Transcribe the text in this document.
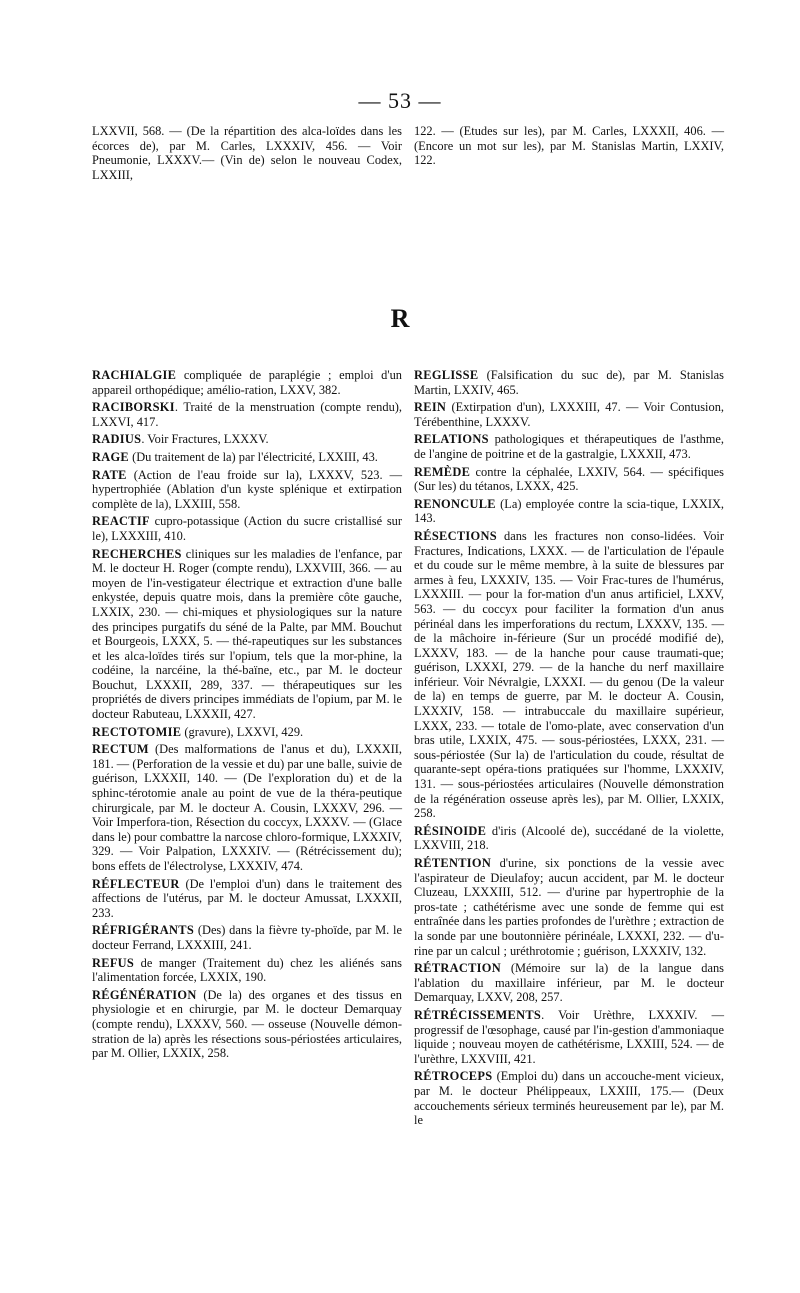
— 53 —
LXXVII, 568. — (De la répartition des alca-loïdes dans les écorces de), par M. Carles, LXXXIV, 456. — Voir Pneumonie, LXXXV.— (Vin de) selon le nouveau Codex, LXXIII,
122. — (Etudes sur les), par M. Carles, LXXXII, 406. — (Encore un mot sur les), par M. Stanislas Martin, LXXIV, 122.
R
RACHIALGIE compliquée de paraplégie ; emploi d'un appareil orthopédique; amélio-ration, LXXV, 382.
RACIBORSKI. Traité de la menstruation (compte rendu), LXXVI, 417.
RADIUS. Voir Fractures, LXXXV.
RAGE (Du traitement de la) par l'électricité, LXXIII, 43.
RATE (Action de l'eau froide sur la), LXXXV, 523. — hypertrophiée (Ablation d'un kyste splénique et extirpation complète de la), LXXIII, 558.
REACTIF cupro-potassique (Action du sucre cristallisé sur le), LXXXIII, 410.
RECHERCHES cliniques sur les maladies de l'enfance, par M. le docteur H. Roger (compte rendu), LXXVIII, 366. — au moyen de l'in-vestigateur électrique et extraction d'une balle enkystée, depuis quatre mois, dans la première côte gauche, LXXIX, 230. — chi-miques et physiologiques sur la nature des principes purgatifs du séné de la Palte, par MM. Bouchut et Bourgeois, LXXX, 5. — thé-rapeutiques sur les substances et les alca-loïdes tirés sur l'opium, tels que la mor-phine, la codéine, la narcéine, la thé-baïne, etc., par M. le docteur Bouchut, LXXXII, 289, 337. — thérapeutiques sur les propriétés de divers principes immédiats de l'opium, par M. le docteur Rabuteau, LXXXII, 427.
RECTOTOMIE (gravure), LXXVI, 429.
RECTUM (Des malformations de l'anus et du), LXXXII, 181. — (Perforation de la vessie et du) par une balle, suivie de guérison, LXXXII, 140. — (De l'exploration du) et de la sphinc-térotomie anale au point de vue de la théra-peutique chirurgicale, par M. le docteur A. Cousin, LXXXV, 296. — Voir Imperfora-tion, Résection du coccyx, LXXXV. — (Glace dans le) pour combattre la narcose chloro-formique, LXXXIV, 329. — Voir Palpation, LXXXIV. — (Rétrécissement du); bons effets de l'électrolyse, LXXXIV, 474.
RÉFLECTEUR (De l'emploi d'un) dans le traitement des affections de l'utérus, par M. le docteur Amussat, LXXXII, 233.
RÉFRIGÉRANTS (Des) dans la fièvre ty-phoïde, par M. le docteur Ferrand, LXXXIII, 241.
REFUS de manger (Traitement du) chez les aliénés sans l'alimentation forcée, LXXIX, 190.
RÉGÉNÉRATION (De la) des organes et des tissus en physiologie et en chirurgie, par M. le docteur Demarquay (compte rendu), LXXXV, 560. — osseuse (Nouvelle démon-stration de la) après les résections sous-périostées articulaires, par M. Ollier, LXXIX, 258.
REGLISSE (Falsification du suc de), par M. Stanislas Martin, LXXIV, 465.
REIN (Extirpation d'un), LXXXIII, 47. — Voir Contusion, Térébenthine, LXXXV.
RELATIONS pathologiques et thérapeutiques de l'asthme, de l'angine de poitrine et de la gastralgie, LXXXII, 473.
REMÈDE contre la céphalée, LXXIV, 564. — spécifiques (Sur les) du tétanos, LXXX, 425.
RENONCULE (La) employée contre la scia-tique, LXXIX, 143.
RÉSECTIONS dans les fractures non conso-lidées. Voir Fractures, Indications, LXXX. — de l'articulation de l'épaule et du coude sur le même membre, à la suite de blessures par armes à feu, LXXXIV, 135. — Voir Frac-tures de l'humérus, LXXXIII. — pour la for-mation d'un anus artificiel, LXXV, 563. — du coccyx pour faciliter la formation d'un anus périnéal dans les imperforations du rectum, LXXXV, 135. — de la mâchoire in-férieure (Sur un procédé modifié de), LXXXV, 183. — de la hanche pour cause traumati-que; guérison, LXXXI, 279. — de la hanche du nerf maxillaire inférieur. Voir Névralgie, LXXXI. — du genou (De la valeur de la) en temps de guerre, par M. le docteur A. Cousin, LXXXIV, 158. — intrabuccale du maxillaire supérieur, LXXX, 233. — totale de l'omo-plate, avec conservation d'un bras utile, LXXIX, 475. — sous-périostées, LXXX, 231. — sous-périostée (Sur la) de l'articulation du coude, résultat de quarante-sept opéra-tions pratiquées sur l'homme, LXXXIV, 131. — sous-périostées articulaires (Nouvelle démonstration de la régénération osseuse après les), par M. Ollier, LXXIX, 258.
RÉSINOIDE d'iris (Alcoolé de), succédané de la violette, LXXVIII, 218.
RÉTENTION d'urine, six ponctions de la vessie avec l'aspirateur de Dieulafoy; aucun accident, par M. le docteur Cluzeau, LXXXIII, 512. — d'urine par hypertrophie de la pros-tate ; cathétérisme avec une sonde de femme qui est entraînée dans les parties profondes de l'urèthre ; extraction de la sonde par une boutonnière périnéale, LXXXI, 232. — d'u-rine par un calcul ; uréthrotomie ; guérison, LXXXIV, 132.
RÉTRACTION (Mémoire sur la) de la langue dans l'ablation du maxillaire inférieur, par M. le docteur Demarquay, LXXV, 208, 257.
RÉTRÉCISSEMENTS. Voir Urèthre, LXXXIV. — progressif de l'œsophage, causé par l'in-gestion d'ammoniaque liquide ; nouveau moyen de cathétérisme, LXXIII, 524. — de l'urèthre, LXXVIII, 421.
RÉTROCEPS (Emploi du) dans un accouche-ment vicieux, par M. le docteur Phélippeaux, LXXIII, 175.— (Deux accouchements sérieux terminés heureusement par le), par M. le
